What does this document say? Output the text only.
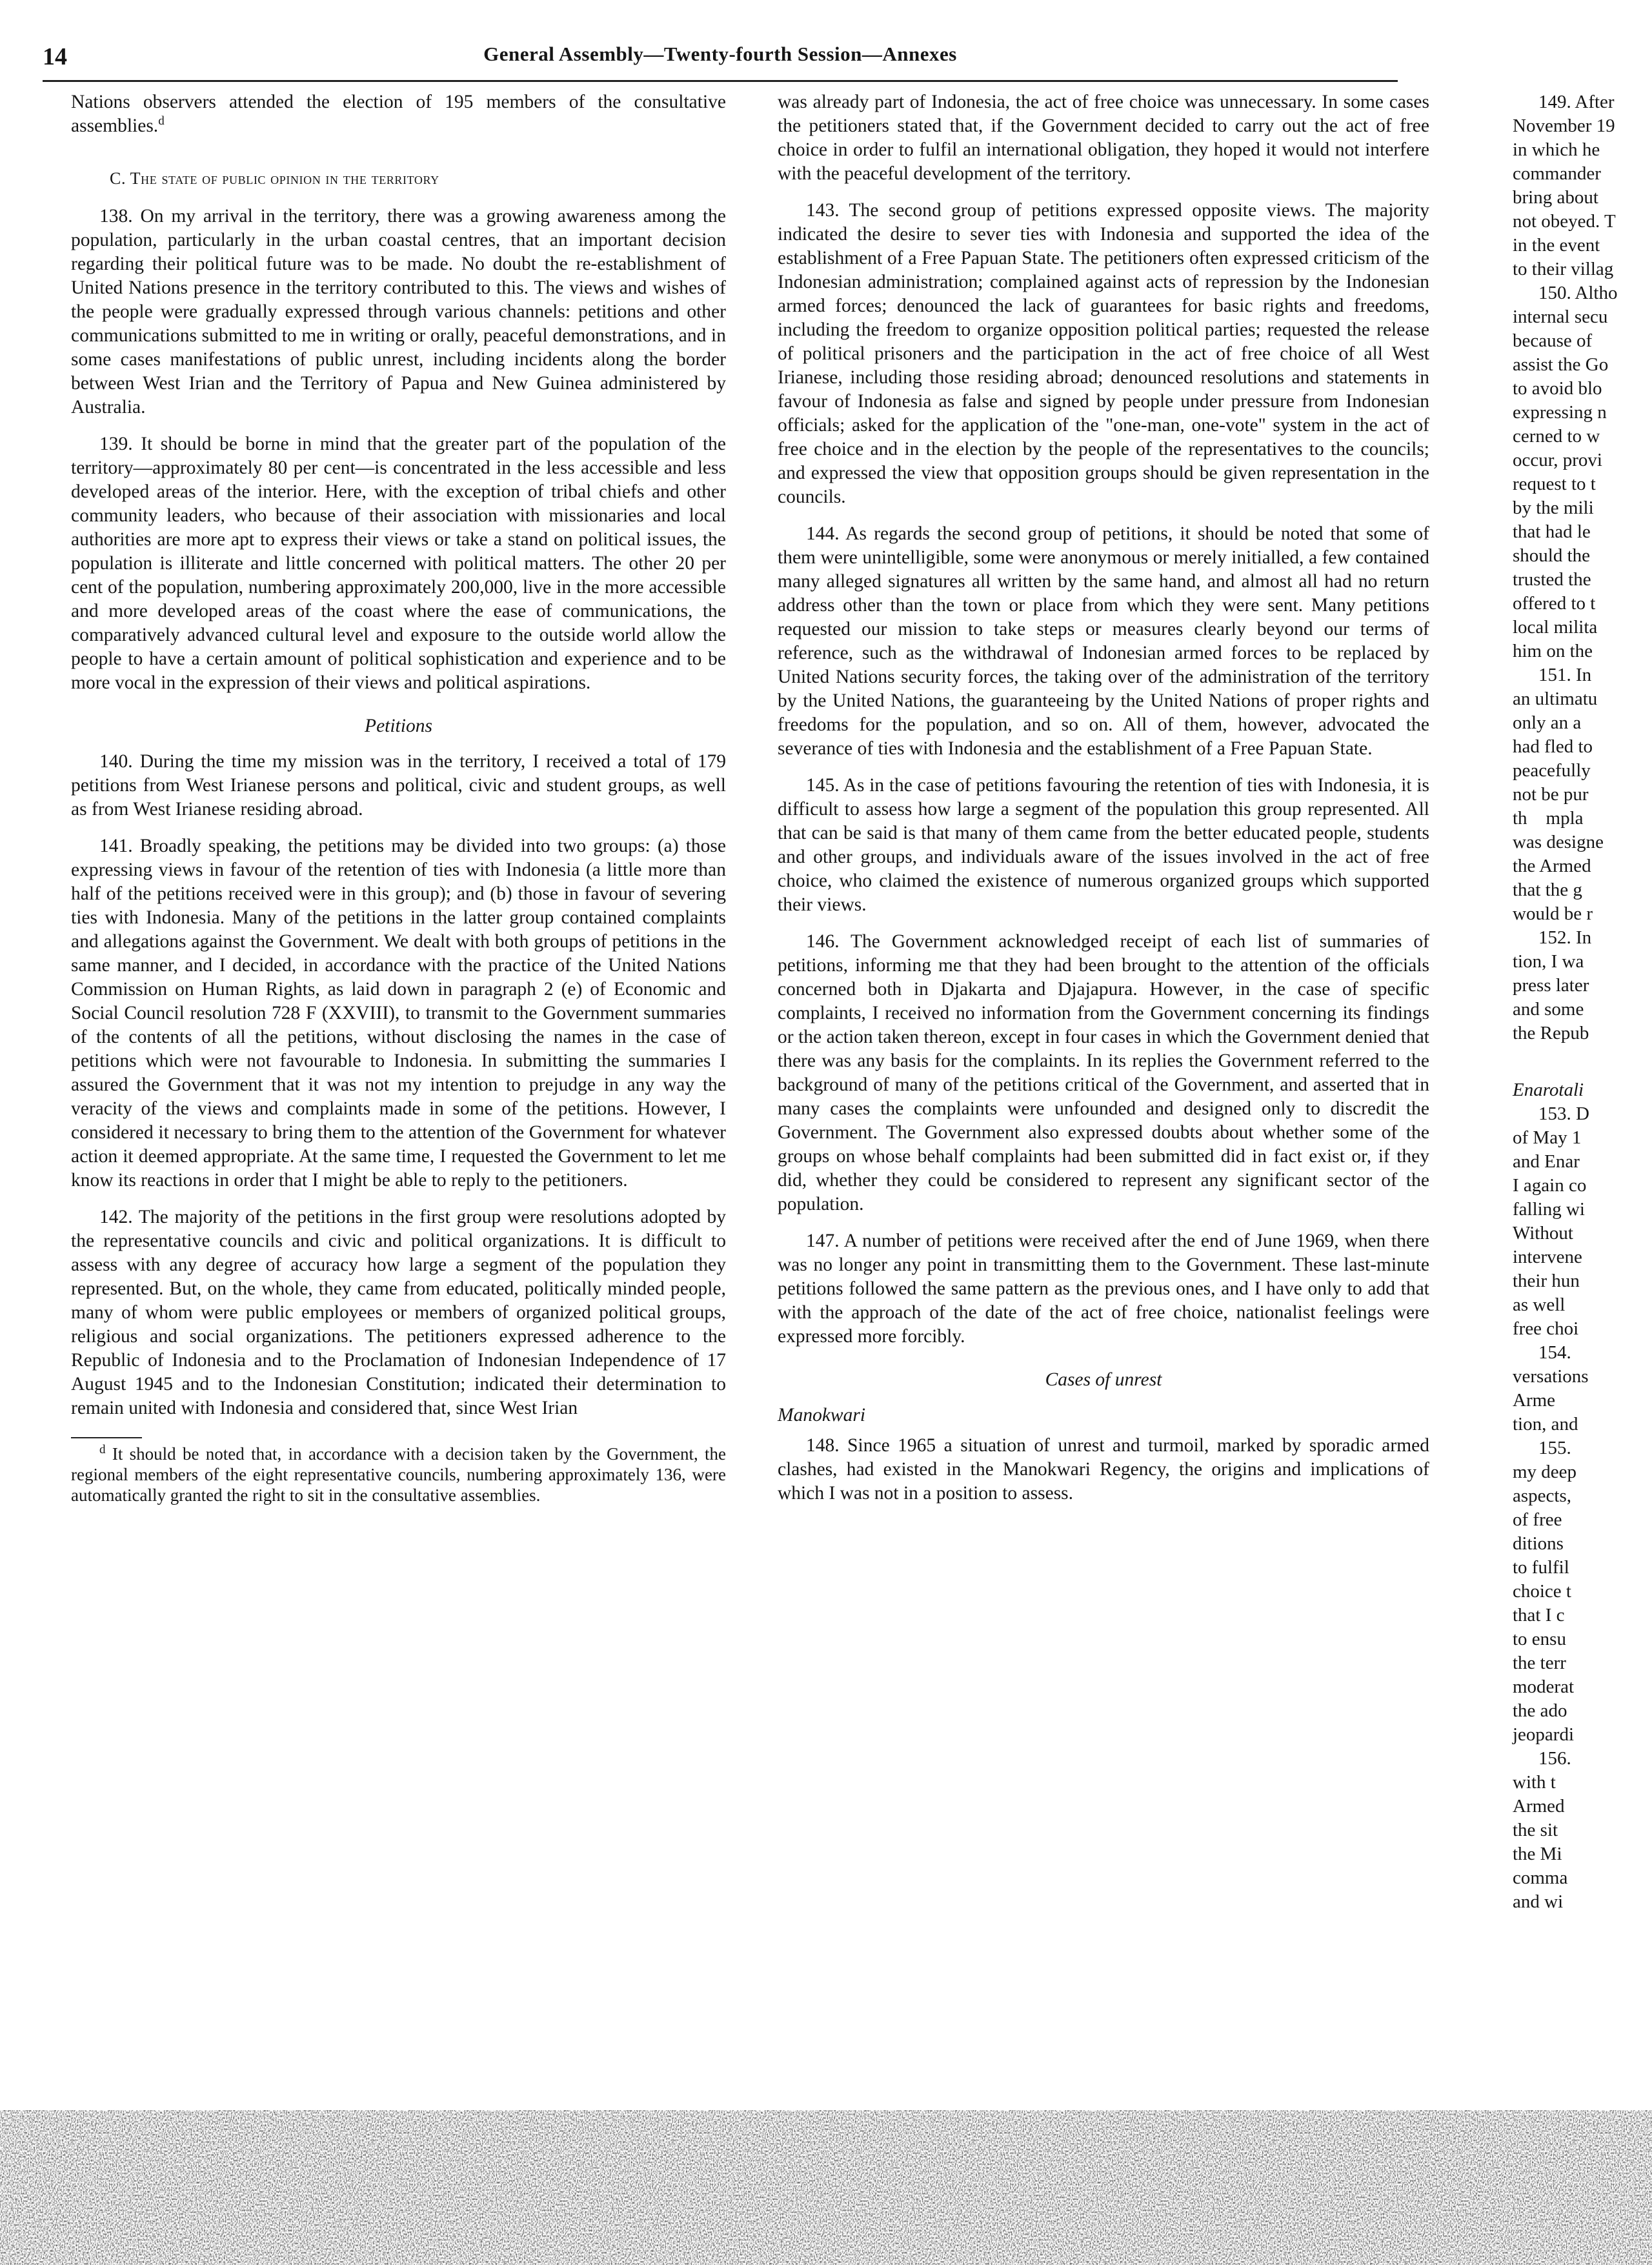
14	General Assembly—Twenty-fourth Session—Annexes

Nations observers attended the election of 195 members of the consultative assemblies.$^d$

C. The state of public opinion in the territory

138. On my arrival in the territory, there was a growing awareness among the population, particularly in the urban coastal centres, that an important decision regarding their political future was to be made. No doubt the re-establishment of United Nations presence in the territory contributed to this. The views and wishes of the people were gradually expressed through various channels: petitions and other communications submitted to me in writing or orally, peaceful demonstrations, and in some cases manifestations of public unrest, including incidents along the border between West Irian and the Territory of Papua and New Guinea administered by Australia.

139. It should be borne in mind that the greater part of the population of the territory—approximately 80 per cent—is concentrated in the less accessible and less developed areas of the interior. Here, with the exception of tribal chiefs and other community leaders, who because of their association with missionaries and local authorities are more apt to express their views or take a stand on political issues, the population is illiterate and little concerned with political matters. The other 20 per cent of the population, numbering approximately 200,000, live in the more accessible and more developed areas of the coast where the ease of communications, the comparatively advanced cultural level and exposure to the outside world allow the people to have a certain amount of political sophistication and experience and to be more vocal in the expression of their views and political aspirations.

Petitions

140. During the time my mission was in the territory, I received a total of 179 petitions from West Irianese persons and political, civic and student groups, as well as from West Irianese residing abroad.

141. Broadly speaking, the petitions may be divided into two groups: (a) those expressing views in favour of the retention of ties with Indonesia (a little more than half of the petitions received were in this group); and (b) those in favour of severing ties with Indonesia. Many of the petitions in the latter group contained complaints and allegations against the Government. We dealt with both groups of petitions in the same manner, and I decided, in accordance with the practice of the United Nations Commission on Human Rights, as laid down in paragraph 2 (e) of Economic and Social Council resolution 728 F (XXVIII), to transmit to the Government summaries of the contents of all the petitions, without disclosing the names in the case of petitions which were not favourable to Indonesia. In submitting the summaries I assured the Government that it was not my intention to prejudge in any way the veracity of the views and complaints made in some of the petitions. However, I considered it necessary to bring them to the attention of the Government for whatever action it deemed appropriate. At the same time, I requested the Government to let me know its reactions in order that I might be able to reply to the petitioners.

142. The majority of the petitions in the first group were resolutions adopted by the representative councils and civic and political organizations. It is difficult to assess with any degree of accuracy how large a segment of the population they represented. But, on the whole, they came from educated, politically minded people, many of whom were public employees or members of organized political groups, religious and social organizations. The petitioners expressed adherence to the Republic of Indonesia and to the Proclamation of Indonesian Independence of 17 August 1945 and to the Indonesian Constitution; indicated their determination to remain united with Indonesia and considered that, since West Irian

$^d$ It should be noted that, in accordance with a decision taken by the Government, the regional members of the eight representative councils, numbering approximately 136, were automatically granted the right to sit in the consultative assemblies.

was already part of Indonesia, the act of free choice was unnecessary. In some cases the petitioners stated that, if the Government decided to carry out the act of free choice in order to fulfil an international obligation, they hoped it would not interfere with the peaceful development of the territory.

143. The second group of petitions expressed opposite views. The majority indicated the desire to sever ties with Indonesia and supported the idea of the establishment of a Free Papuan State. The petitioners often expressed criticism of the Indonesian administration; complained against acts of repression by the Indonesian armed forces; denounced the lack of guarantees for basic rights and freedoms, including the freedom to organize opposition political parties; requested the release of political prisoners and the participation in the act of free choice of all West Irianese, including those residing abroad; denounced resolutions and statements in favour of Indonesia as false and signed by people under pressure from Indonesian officials; asked for the application of the "one-man, one-vote" system in the act of free choice and in the election by the people of the representatives to the councils; and expressed the view that opposition groups should be given representation in the councils.

144. As regards the second group of petitions, it should be noted that some of them were unintelligible, some were anonymous or merely initialled, a few contained many alleged signatures all written by the same hand, and almost all had no return address other than the town or place from which they were sent. Many petitions requested our mission to take steps or measures clearly beyond our terms of reference, such as the withdrawal of Indonesian armed forces to be replaced by United Nations security forces, the taking over of the administration of the territory by the United Nations, the guaranteeing by the United Nations of proper rights and freedoms for the population, and so on. All of them, however, advocated the severance of ties with Indonesia and the establishment of a Free Papuan State.

145. As in the case of petitions favouring the retention of ties with Indonesia, it is difficult to assess how large a segment of the population this group represented. All that can be said is that many of them came from the better educated people, students and other groups, and individuals aware of the issues involved in the act of free choice, who claimed the existence of numerous organized groups which supported their views.

146. The Government acknowledged receipt of each list of summaries of petitions, informing me that they had been brought to the attention of the officials concerned both in Djakarta and Djajapura. However, in the case of specific complaints, I received no information from the Government concerning its findings or the action taken thereon, except in four cases in which the Government denied that there was any basis for the complaints. In its replies the Government referred to the background of many of the petitions critical of the Government, and asserted that in many cases the complaints were unfounded and designed only to discredit the Government. The Government also expressed doubts about whether some of the groups on whose behalf complaints had been submitted did in fact exist or, if they did, whether they could be considered to represent any significant sector of the population.

147. A number of petitions were received after the end of June 1969, when there was no longer any point in transmitting them to the Government. These last-minute petitions followed the same pattern as the previous ones, and I have only to add that with the approach of the date of the act of free choice, nationalist feelings were expressed more forcibly.

Cases of unrest

Manokwari

148. Since 1965 a situation of unrest and turmoil, marked by sporadic armed clashes, had existed in the Manokwari Regency, the origins and implications of which I was not in a position to assess.

149. After

November 19

in which he

commander

bring about

not obeyed. T

in the event

to their villag

150. Altho

internal secu

because of

assist the Go

to avoid blo

expressing n

cerned to w

occur, provi

request to t

by the mili

that had le

should the

trusted the

offered to t

local milita

him on the

151. In

an ultimatu

only an a

had fled to

peacefully

not be pur

th    mpla

was designe

the Armed

that the g

would be r

152. In

tion, I wa

press later

and some

the Repub

Enarotali

153. D

of May 1

and Enar

I again co

falling wi

Without

intervene

their hun

as well

free choi

154.

versations

Arme

tion, and

155.

my deep

aspects,

of free

ditions

to fulfil

choice t

that I c

to ensu

the terr

moderat

the ado

jeopardi

156.

with t

Armed

the sit

the Mi

comma

and wi
